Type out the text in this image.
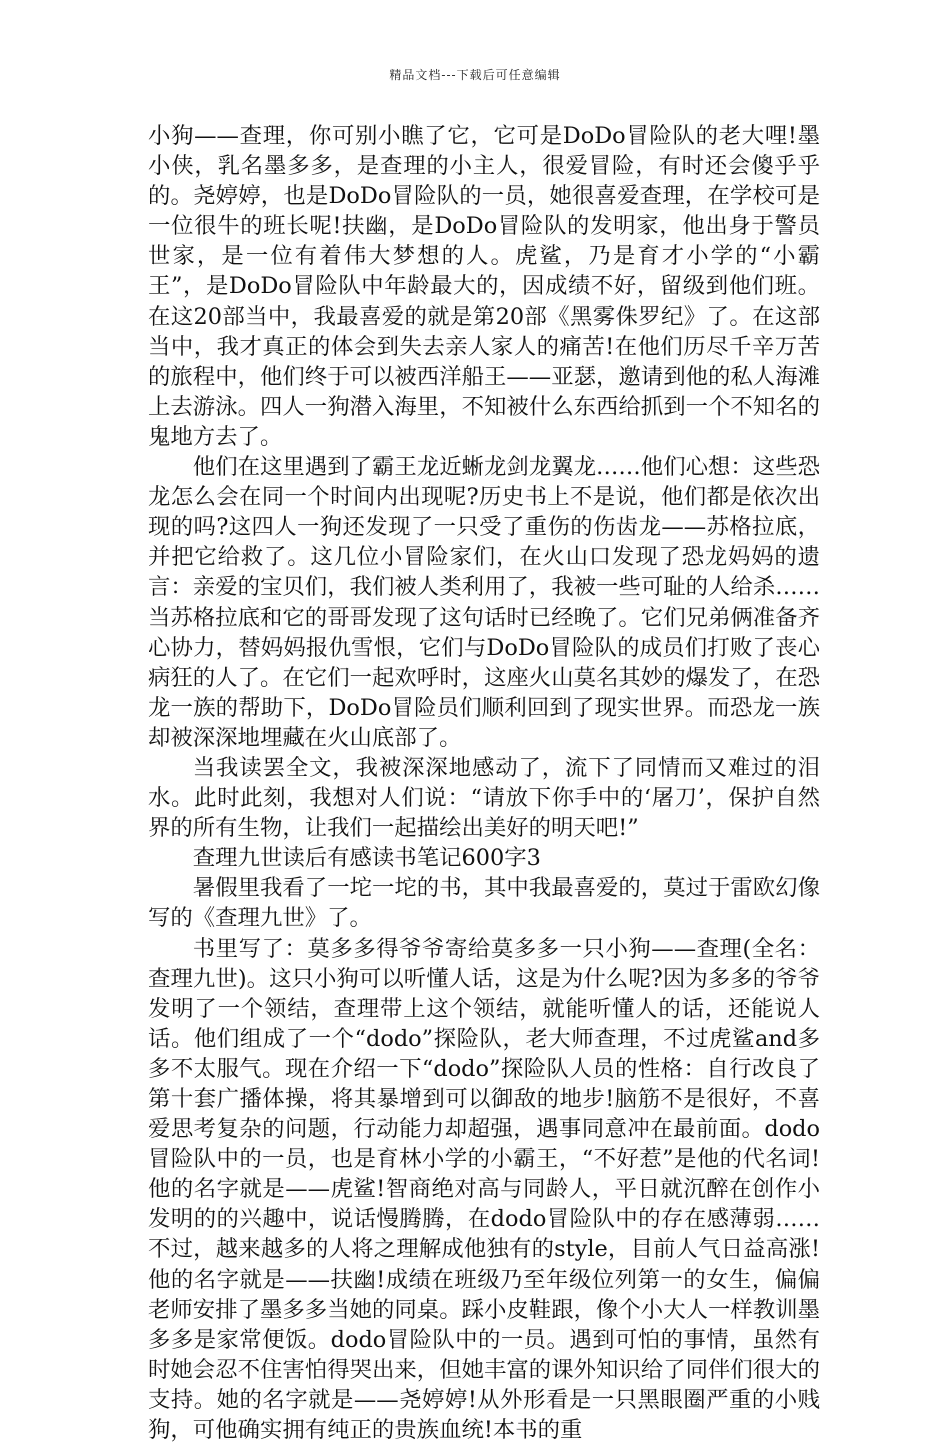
精品文档---下载后可任意编辑

小狗——查理，你可别小瞧了它，它可是DoDo冒险队的老大哩!墨小侠，乳名墨多多，是查理的小主人，很爱冒险，有时还会傻乎乎的。尧婷婷，也是DoDo冒险队的一员，她很喜爱查理，在学校可是一位很牛的班长呢!扶幽，是DoDo冒险队的发明家，他出身于警员世家，是一位有着伟大梦想的人。虎鲨，乃是育才小学的“小霸王”，是DoDo冒险队中年龄最大的，因成绩不好，留级到他们班。在这20部当中，我最喜爱的就是第20部《黑雾侏罗纪》了。在这部当中，我才真正的体会到失去亲人家人的痛苦!在他们历尽千辛万苦的旅程中，他们终于可以被西洋船王——亚瑟，邀请到他的私人海滩上去游泳。四人一狗潜入海里，不知被什么东西给抓到一个不知名的鬼地方去了。

他们在这里遇到了霸王龙近蜥龙剑龙翼龙……他们心想：这些恐龙怎么会在同一个时间内出现呢?历史书上不是说，他们都是依次出现的吗?这四人一狗还发现了一只受了重伤的伤齿龙——苏格拉底，并把它给救了。这几位小冒险家们，在火山口发现了恐龙妈妈的遗言：亲爱的宝贝们，我们被人类利用了，我被一些可耻的人给杀……当苏格拉底和它的哥哥发现了这句话时已经晚了。它们兄弟俩准备齐心协力，替妈妈报仇雪恨，它们与DoDo冒险队的成员们打败了丧心病狂的人了。在它们一起欢呼时，这座火山莫名其妙的爆发了，在恐龙一族的帮助下，DoDo冒险员们顺利回到了现实世界。而恐龙一族却被深深地埋藏在火山底部了。

当我读罢全文，我被深深地感动了，流下了同情而又难过的泪水。此时此刻，我想对人们说：“请放下你手中的‘屠刀’，保护自然界的所有生物，让我们一起描绘出美好的明天吧!”

查理九世读后有感读书笔记600字3

暑假里我看了一坨一坨的书，其中我最喜爱的，莫过于雷欧幻像写的《查理九世》了。

书里写了：莫多多得爷爷寄给莫多多一只小狗——查理(全名：查理九世)。这只小狗可以听懂人话，这是为什么呢?因为多多的爷爷发明了一个领结，查理带上这个领结，就能听懂人的话，还能说人话。他们组成了一个“dodo”探险队，老大师查理，不过虎鲨and多多不太服气。现在介绍一下“dodo”探险队人员的性格：自行改良了第十套广播体操，将其暴增到可以御敌的地步!脑筋不是很好，不喜爱思考复杂的问题，行动能力却超强，遇事同意冲在最前面。dodo冒险队中的一员，也是育林小学的小霸王，“不好惹”是他的代名词!他的名字就是——虎鲨!智商绝对高与同龄人，平日就沉醉在创作小发明的的兴趣中，说话慢腾腾，在dodo冒险队中的存在感薄弱……不过，越来越多的人将之理解成他独有的style，目前人气日益高涨!他的名字就是——扶幽!成绩在班级乃至年级位列第一的女生，偏偏老师安排了墨多多当她的同桌。踩小皮鞋跟，像个小大人一样教训墨多多是家常便饭。dodo冒险队中的一员。遇到可怕的事情，虽然有时她会忍不住害怕得哭出来，但她丰富的课外知识给了同伴们很大的支持。她的名字就是——尧婷婷!从外形看是一只黑眼圈严重的小贱狗，可他确实拥有纯正的贵族血统!本书的重
